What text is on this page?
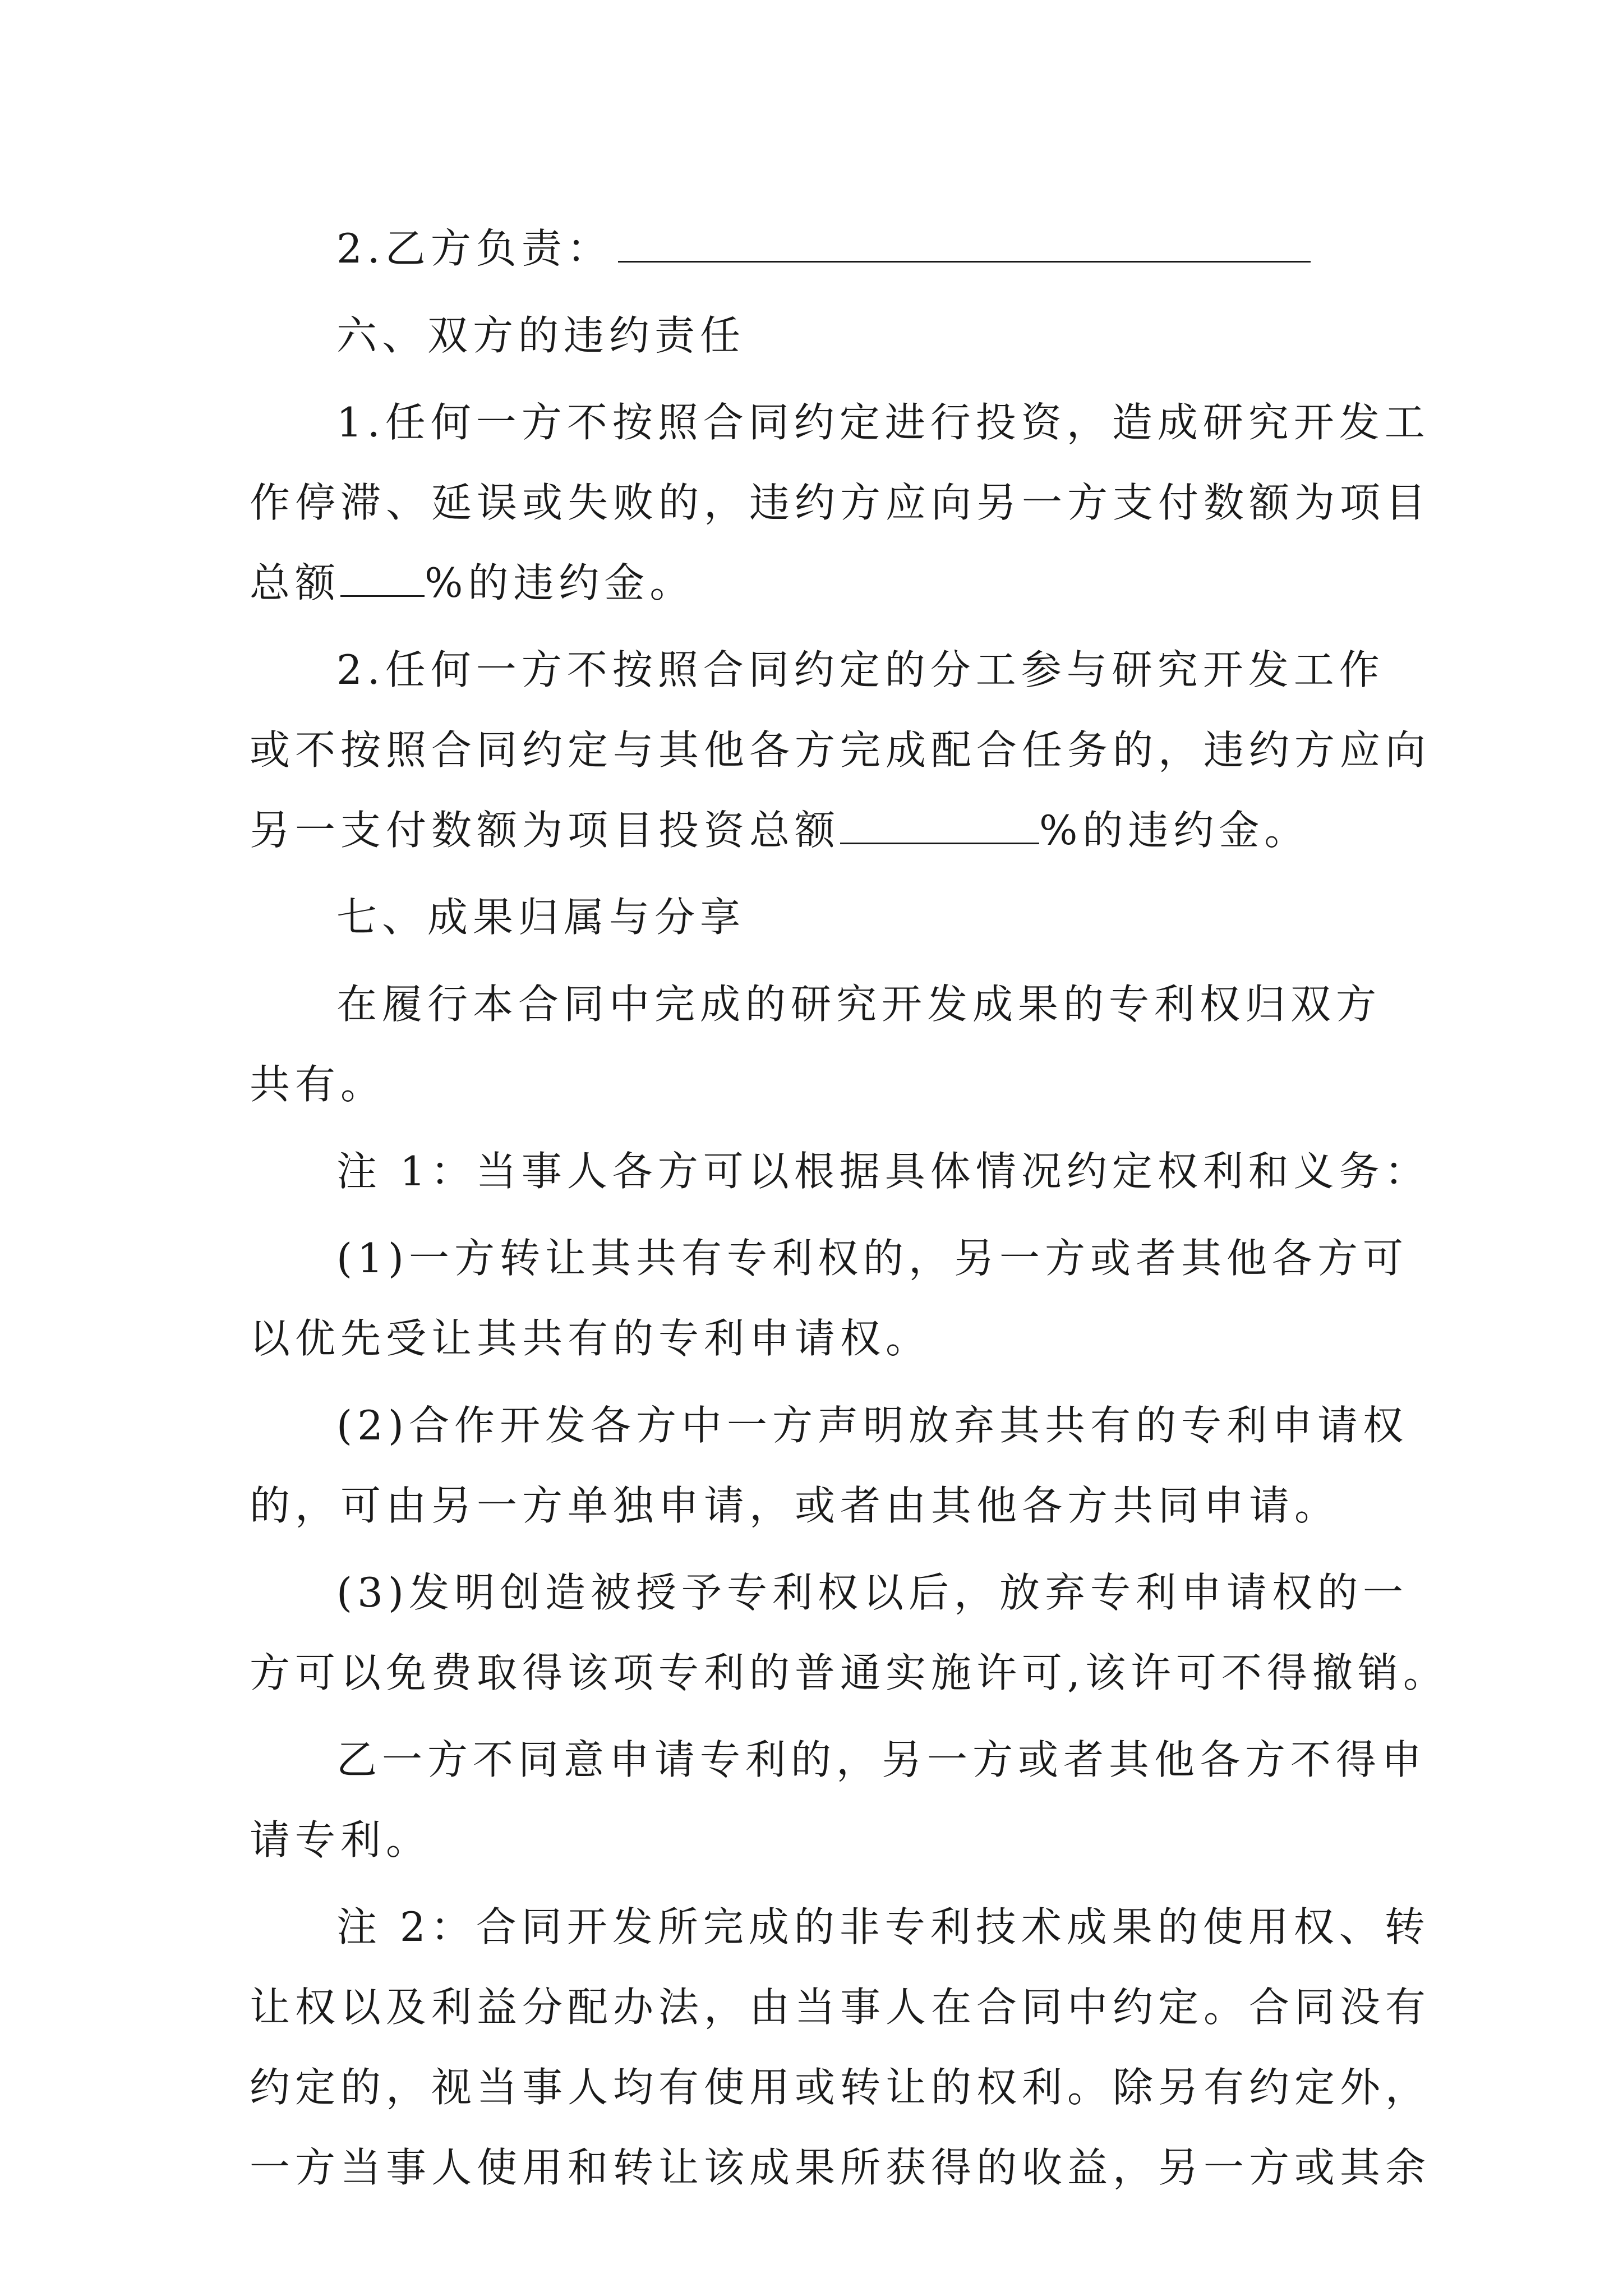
2.乙方负责：
六、双方的违约责任
1.任何一方不按照合同约定进行投资，造成研究开发工
作停滞、延误或失败的，违约方应向另一方支付数额为项目
总额 %的违约金。
2.任何一方不按照合同约定的分工参与研究开发工作
或不按照合同约定与其他各方完成配合任务的，违约方应向
另一支付数额为项目投资总额	%的违约金。
七、成果归属与分享
在履行本合同中完成的研究开发成果的专利权归双方
共有。
注 1：当事人各方可以根据具体情况约定权利和义务：
(1)一方转让其共有专利权的，另一方或者其他各方可
以优先受让其共有的专利申请权。
(2)合作开发各方中一方声明放弃其共有的专利申请权
的，可由另一方单独申请，或者由其他各方共同申请。
(3)发明创造被授予专利权以后，放弃专利申请权的一
方可以免费取得该项专利的普通实施许可,该许可不得撤销。
乙一方不同意申请专利的，另一方或者其他各方不得申
请专利。
注 2：合同开发所完成的非专利技术成果的使用权、转
让权以及利益分配办法，由当事人在合同中约定。合同没有
约定的，视当事人均有使用或转让的权利。除另有约定外，
一方当事人使用和转让该成果所获得的收益，另一方或其余
